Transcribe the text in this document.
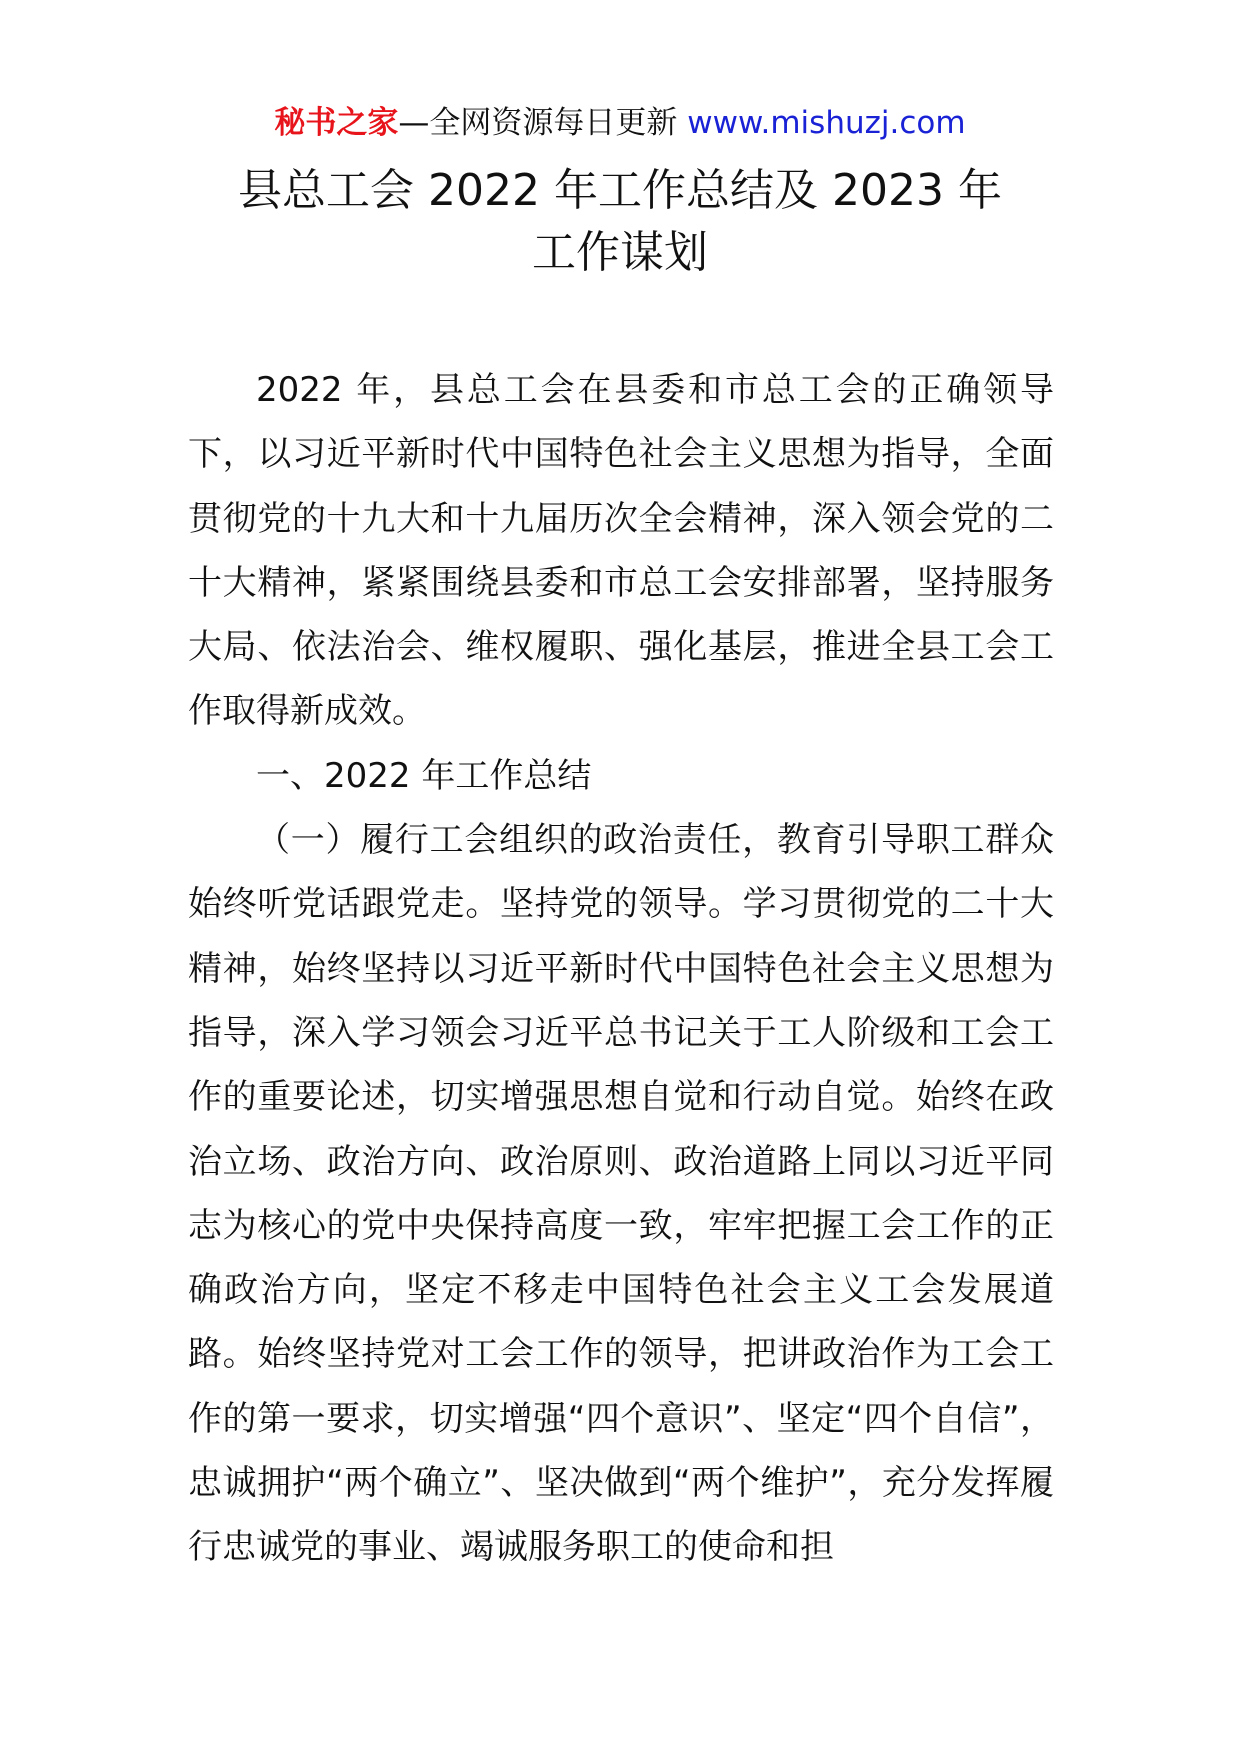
秘书之家—全网资源每日更新 www.mishuzj.com
县总工会 2022 年工作总结及 2023 年
工作谋划

2022 年，县总工会在县委和市总工会的正确领导下，以习近平新时代中国特色社会主义思想为指导，全面贯彻党的十九大和十九届历次全会精神，深入领会党的二十大精神，紧紧围绕县委和市总工会安排部署，坚持服务大局、依法治会、维权履职、强化基层，推进全县工会工作取得新成效。

一、2022 年工作总结

（一）履行工会组织的政治责任，教育引导职工群众始终听党话跟党走。坚持党的领导。学习贯彻党的二十大精神，始终坚持以习近平新时代中国特色社会主义思想为指导，深入学习领会习近平总书记关于工人阶级和工会工作的重要论述，切实增强思想自觉和行动自觉。始终在政治立场、政治方向、政治原则、政治道路上同以习近平同志为核心的党中央保持高度一致，牢牢把握工会工作的正确政治方向，坚定不移走中国特色社会主义工会发展道路。始终坚持党对工会工作的领导，把讲政治作为工会工作的第一要求，切实增强“四个意识”、坚定“四个自信”，忠诚拥护“两个确立”、坚决做到“两个维护”，充分发挥履行忠诚党的事业、竭诚服务职工的使命和担
